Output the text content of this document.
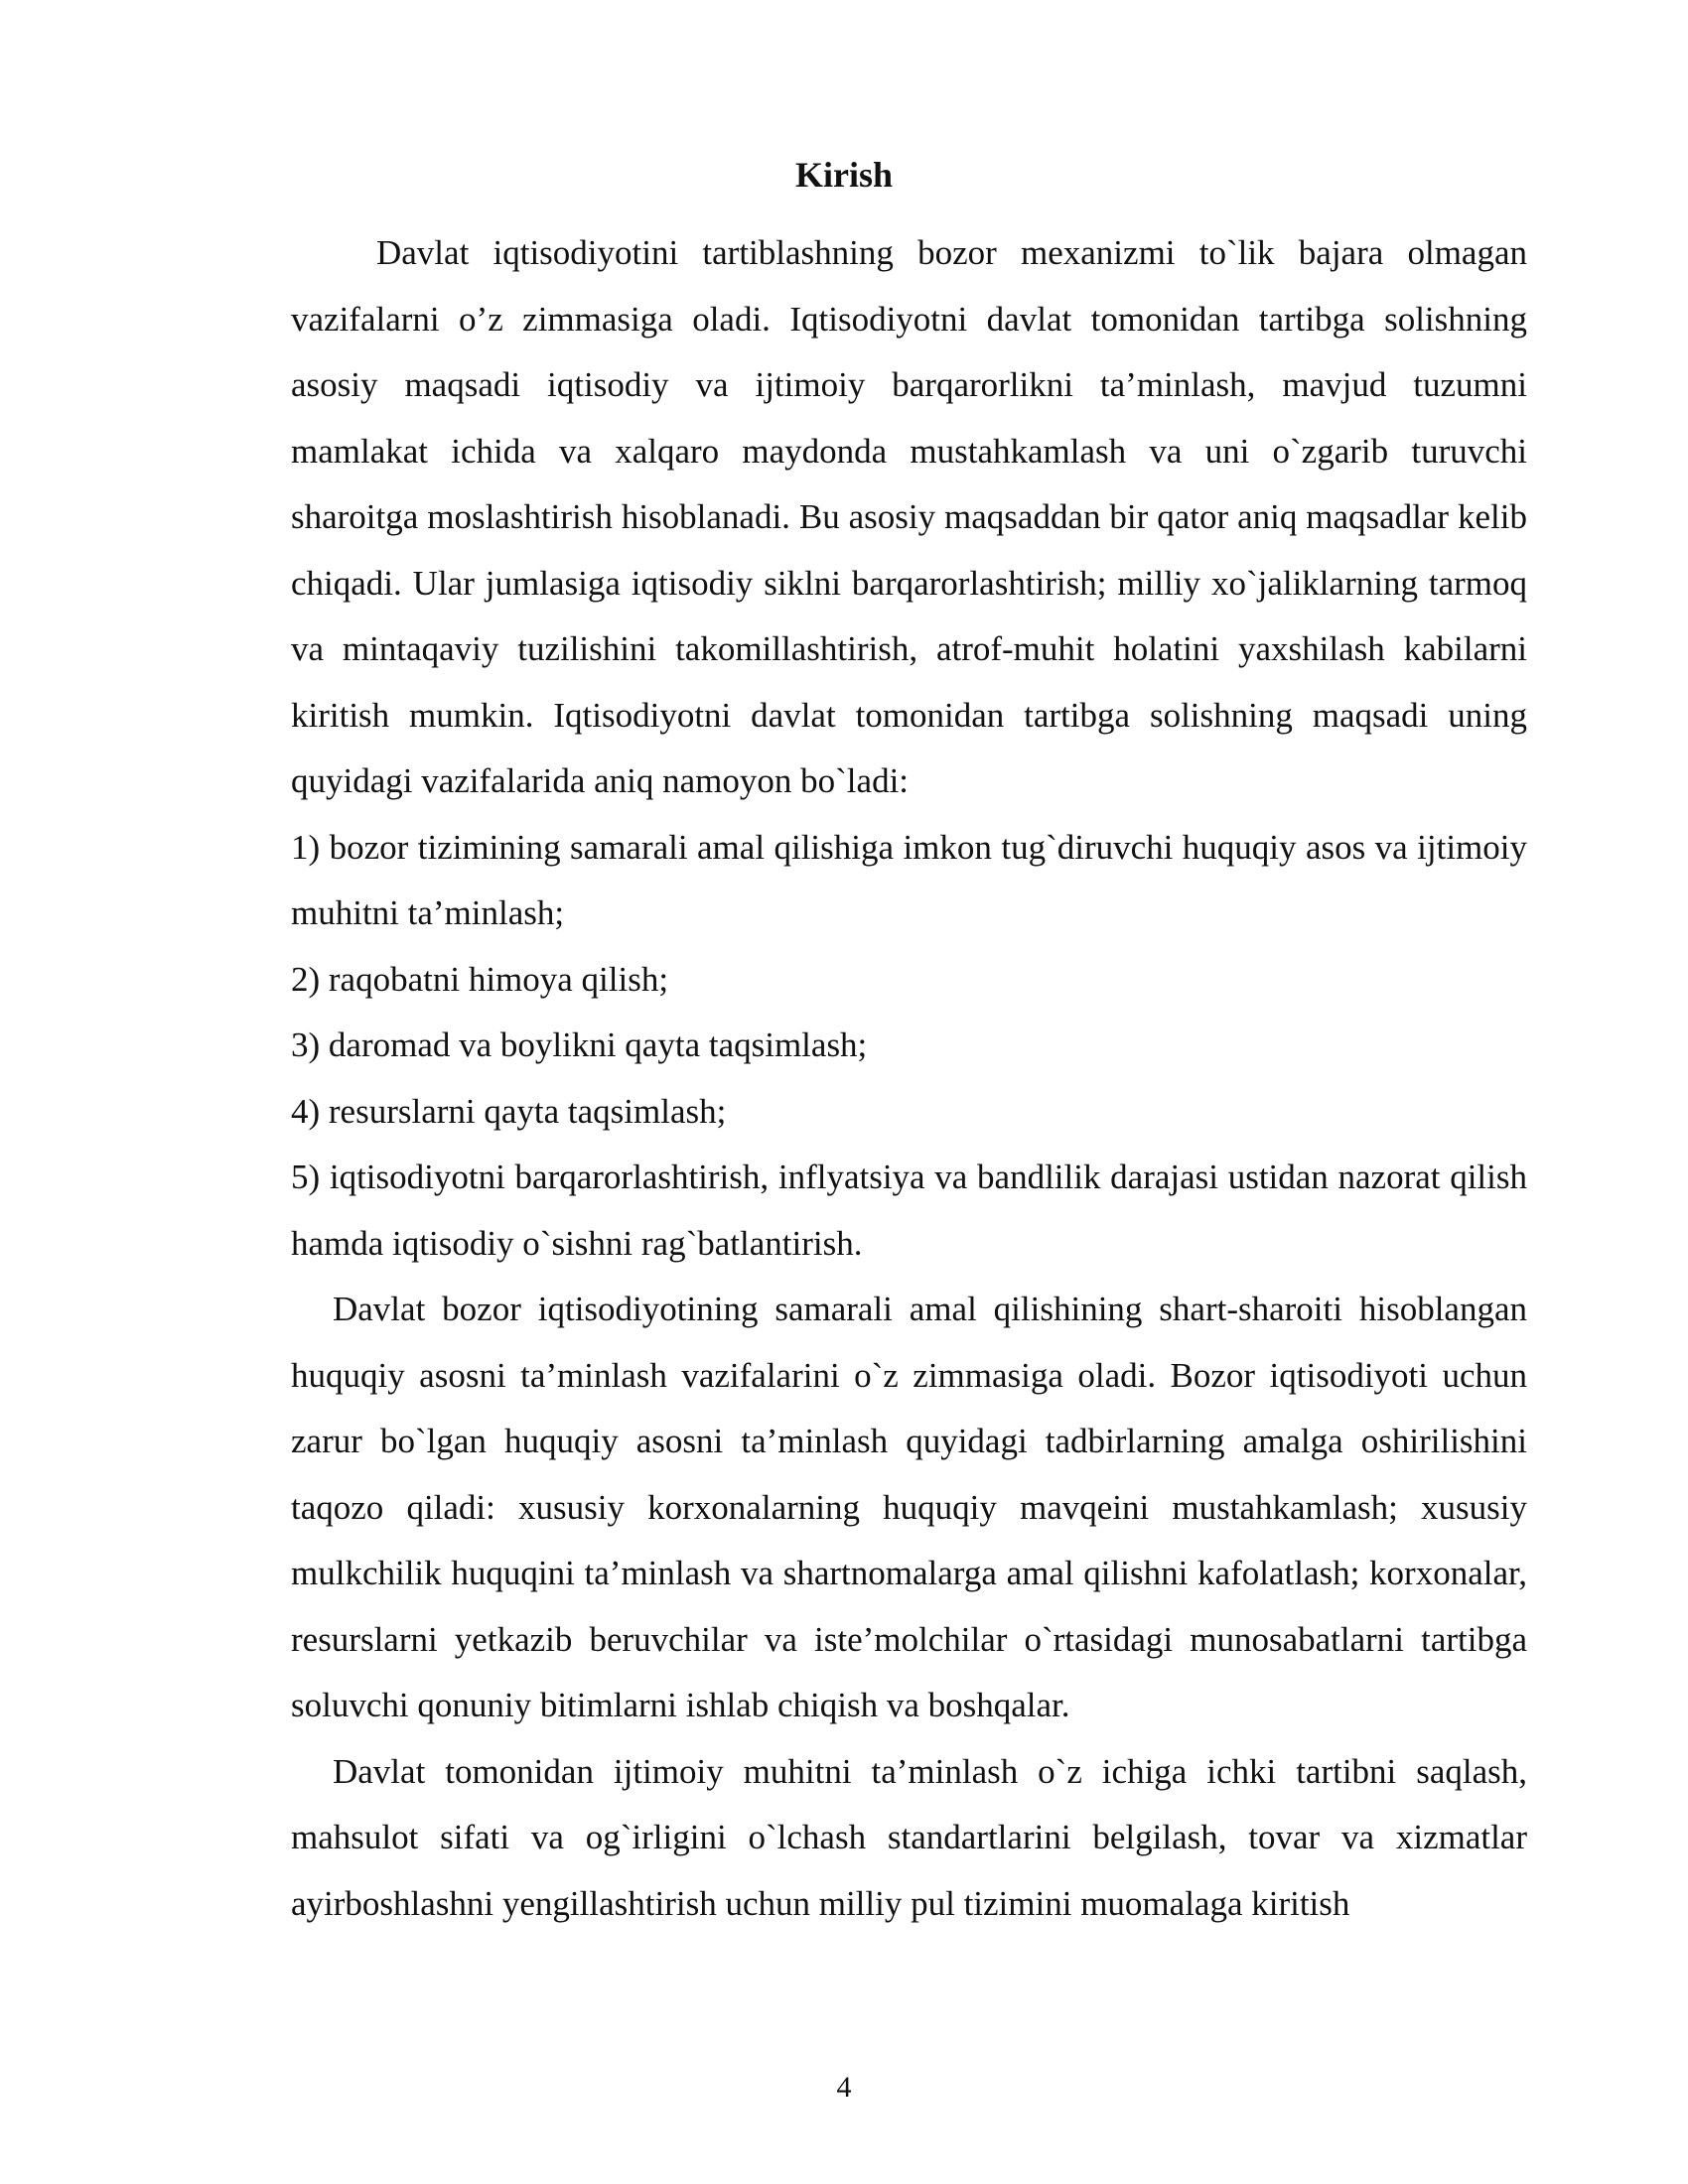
Kirish

Davlat iqtisodiyotini tartiblashning bozor mexanizmi to`lik bajara olmagan vazifalarni o’z zimmasiga oladi. Iqtisodiyotni davlat tomonidan tartibga solishning asosiy maqsadi iqtisodiy va ijtimoiy barqarorlikni ta’minlash, mavjud tuzumni mamlakat ichida va xalqaro maydonda mustahkamlash va uni o`zgarib turuvchi sharoitga moslashtirish hisoblanadi. Bu asosiy maqsaddan bir qator aniq maqsadlar kelib chiqadi. Ular jumlasiga iqtisodiy siklni barqarorlashtirish; milliy xo`jaliklarning tarmoq va mintaqaviy tuzilishini takomillashtirish, atrof-muhit holatini yaxshilash kabilarni kiritish mumkin. Iqtisodiyotni davlat tomonidan tartibga solishning maqsadi uning quyidagi vazifalarida aniq namoyon bo`ladi:

1) bozor tizimining samarali amal qilishiga imkon tug`diruvchi huquqiy asos va ijtimoiy muhitni ta’minlash;

2) raqobatni himoya qilish;

3) daromad va boylikni qayta taqsimlash;

4) resurslarni qayta taqsimlash;

5) iqtisodiyotni barqarorlashtirish, inflyatsiya va bandlilik darajasi ustidan nazorat qilish hamda iqtisodiy o`sishni rag`batlantirish.

Davlat bozor iqtisodiyotining samarali amal qilishining shart-sharoiti hisoblangan huquqiy asosni ta’minlash vazifalarini o`z zimmasiga oladi. Bozor iqtisodiyoti uchun zarur bo`lgan huquqiy asosni ta’minlash quyidagi tadbirlarning amalga oshirilishini taqozo qiladi: xususiy korxonalarning huquqiy mavqeini mustahkamlash; xususiy mulkchilik huquqini ta’minlash va shartnomalarga amal qilishni kafolatlash; korxonalar, resurslarni yetkazib beruvchilar va iste’molchilar o`rtasidagi munosabatlarni tartibga soluvchi qonuniy bitimlarni ishlab chiqish va boshqalar.

Davlat tomonidan ijtimoiy muhitni ta’minlash o`z ichiga ichki tartibni saqlash, mahsulot sifati va og`irligini o`lchash standartlarini belgilash, tovar va xizmatlar ayirboshlashni yengillashtirish uchun milliy pul tizimini muomalaga kiritish

4
